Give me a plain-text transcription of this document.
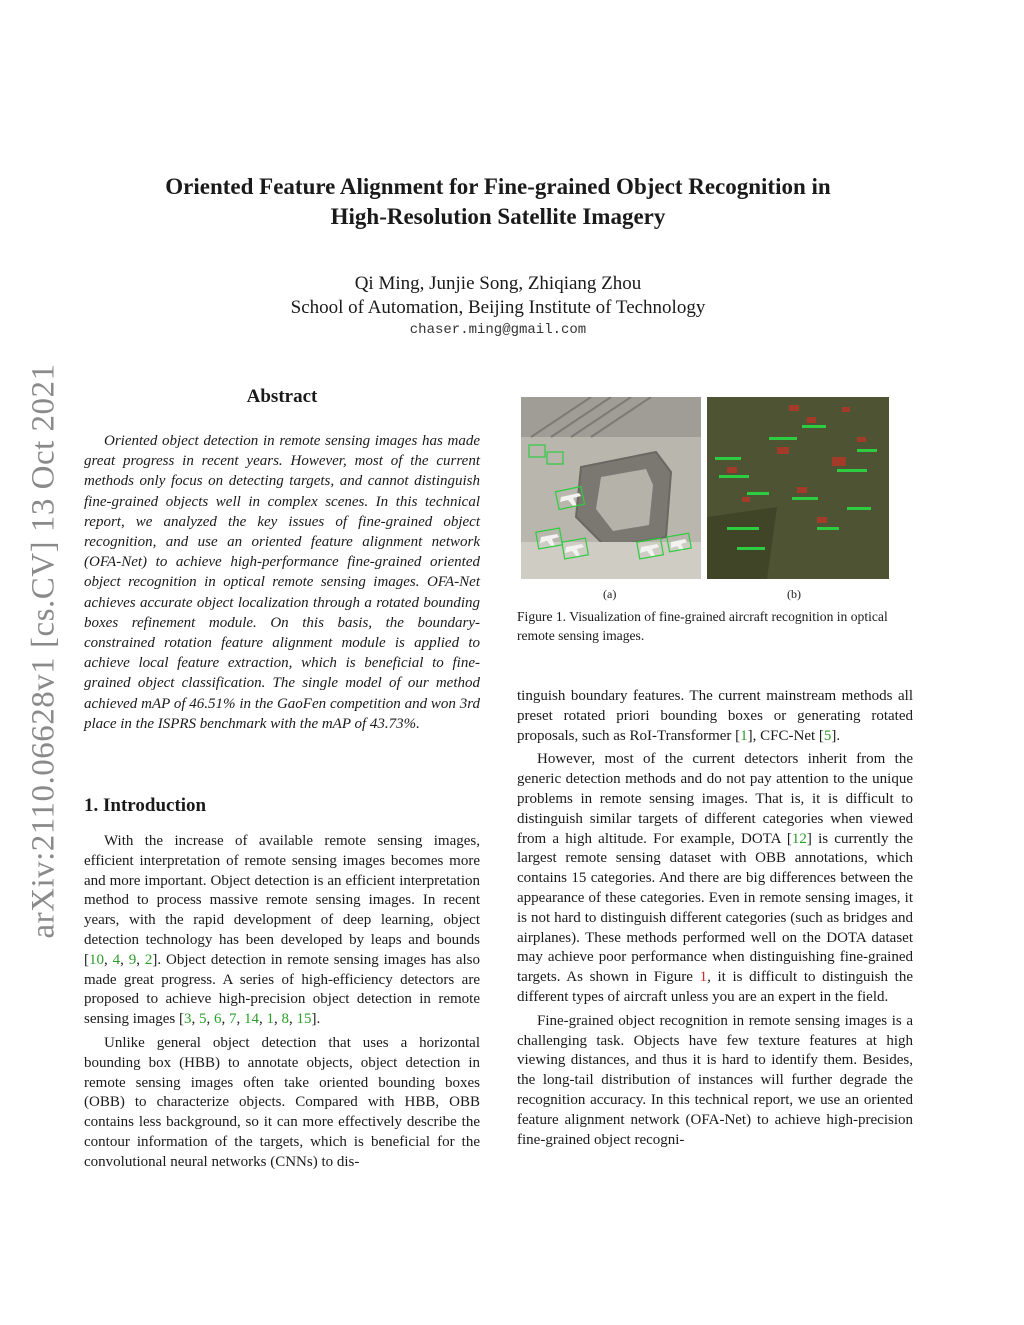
arXiv:2110.06628v1 [cs.CV] 13 Oct 2021
Oriented Feature Alignment for Fine-grained Object Recognition in
High-Resolution Satellite Imagery
Qi Ming, Junjie Song, Zhiqiang Zhou
School of Automation, Beijing Institute of Technology
chaser.ming@gmail.com
Abstract

Oriented object detection in remote sensing images has made great progress in recent years. However, most of the current methods only focus on detecting targets, and cannot distinguish fine-grained objects well in complex scenes. In this technical report, we analyzed the key issues of fine-grained object recognition, and use an oriented feature alignment network (OFA-Net) to achieve high-performance fine-grained oriented object recognition in optical remote sensing images. OFA-Net achieves accurate object localization through a rotated bounding boxes refinement module. On this basis, the boundary-constrained rotation feature alignment module is applied to achieve local feature extraction, which is beneficial to fine-grained object classification. The single model of our method achieved mAP of 46.51% in the GaoFen competition and won 3rd place in the ISPRS benchmark with the mAP of 43.73%.

1. Introduction

With the increase of available remote sensing images, efficient interpretation of remote sensing images becomes more and more important. Object detection is an efficient interpretation method to process massive remote sensing images. In recent years, with the rapid development of deep learning, object detection technology has been developed by leaps and bounds [10, 4, 9, 2]. Object detection in remote sensing images has also made great progress. A series of high-efficiency detectors are proposed to achieve high-precision object detection in remote sensing images [3, 5, 6, 7, 14, 1, 8, 15].

Unlike general object detection that uses a horizontal bounding box (HBB) to annotate objects, object detection in remote sensing images often take oriented bounding boxes (OBB) to characterize objects. Compared with HBB, OBB contains less background, so it can more effectively describe the contour information of the targets, which is beneficial for the convolutional neural networks (CNNs) to dis-

(a)	(b)
Figure 1. Visualization of fine-grained aircraft recognition in optical remote sensing images.

tinguish boundary features. The current mainstream methods all preset rotated priori bounding boxes or generating rotated proposals, such as RoI-Transformer [1], CFC-Net [5].

However, most of the current detectors inherit from the generic detection methods and do not pay attention to the unique problems in remote sensing images. That is, it is difficult to distinguish similar targets of different categories when viewed from a high altitude. For example, DOTA [12] is currently the largest remote sensing dataset with OBB annotations, which contains 15 categories. And there are big differences between the appearance of these categories. Even in remote sensing images, it is not hard to distinguish different categories (such as bridges and airplanes). These methods performed well on the DOTA dataset may achieve poor performance when distinguishing fine-grained targets. As shown in Figure 1, it is difficult to distinguish the different types of aircraft unless you are an expert in the field.

Fine-grained object recognition in remote sensing images is a challenging task. Objects have few texture features at high viewing distances, and thus it is hard to identify them. Besides, the long-tail distribution of instances will further degrade the recognition accuracy. In this technical report, we use an oriented feature alignment network (OFA-Net) to achieve high-precision fine-grained object recogni-
